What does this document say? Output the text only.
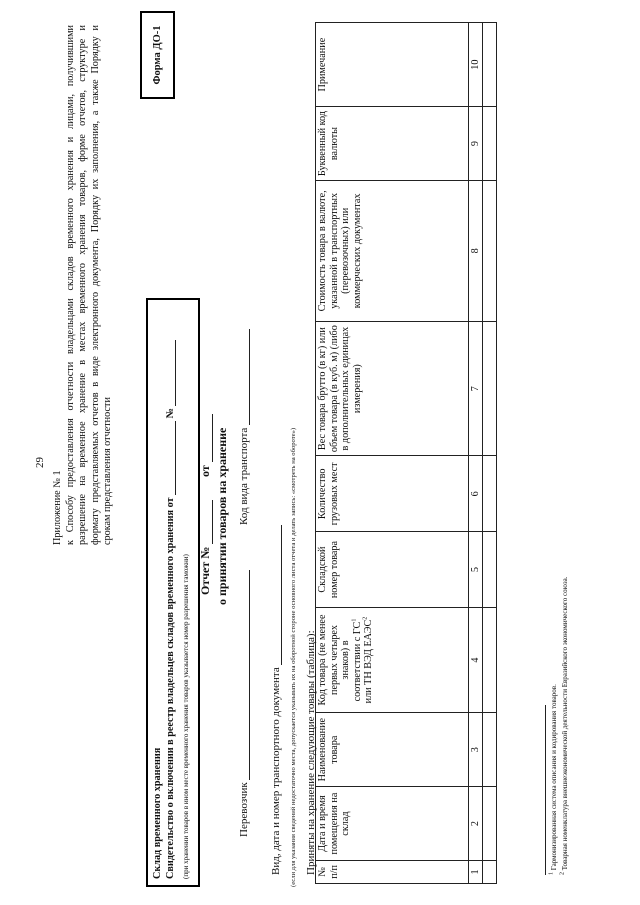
29
Приложение № 1 к Способу предоставления отчетности владельцами складов временного хранения и лицами, получившими разрешение на временное хранение в местах временного хранения товаров, форме отчетов, структуре и формату представляемых отчетов в виде электронного документа, Порядку их заполнения, а также Порядку и срокам представления отчетности
Форма ДО-1
Склад временного хранения Свидетельство о включении в реестр владельцев складов временного хранения от  №
(при хранении товаров в ином месте временного хранения товаров указывается номер разрешения таможни) Отчет №
от о принятии товаров на хранение
Перевозчик
Код вида транспорта
Вид, дата и номер транспортного документа (если для указания сведений недостаточно места, допускается указывать их на оборотной стороне основного листа отчета и делать запись: «смотреть на обороте») Приняты на хранение следующие товары (таблица): № п/п	Дата и время помещения на склад	Наименование товара	Код товара (не менее первых четырех знаков) в соответствии с $ГС^1$ или ТН ВЭД ЕАЭС$^2$	Складской номер товара	Количество грузовых мест	Вес товара брутто (в кг) или объем товара (в куб. м) (либо в дополнительных единицах измерения)	Стоимость товара в валюте, указанной в транспортных (перевозочных) или коммерческих документах	Буквенный код валюты	Примечание
1	2	3	4	5	6	7	8	9	10

$^1$ Гармонизированная система описания и кодирования товаров.
$^2$ Товарная номенклатура внешнеэкономической деятельности Евразийского экономического союза.
